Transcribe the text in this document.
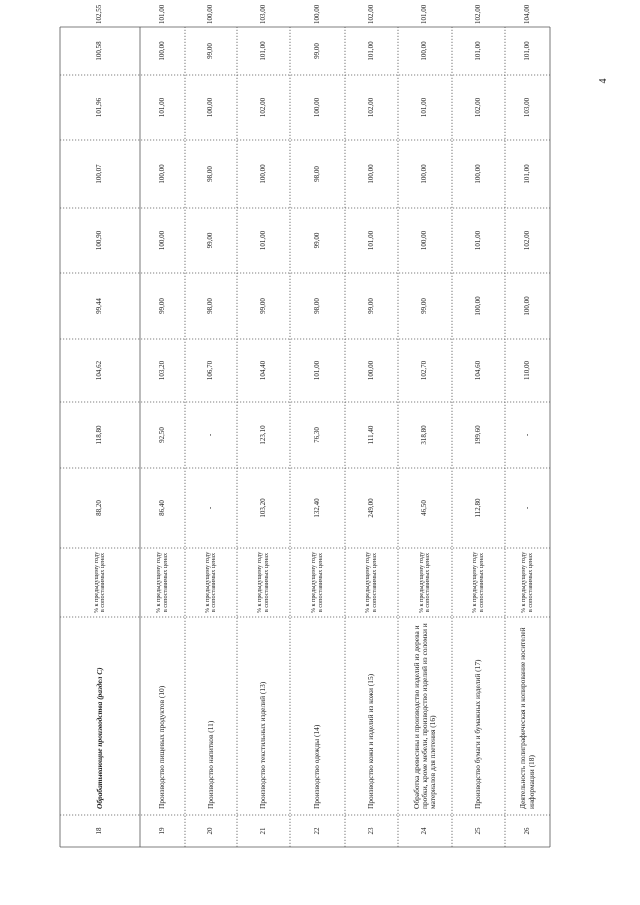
18
Обрабатывающие производства (раздел C)
% к предыдущему году в сопоставимых ценах
88,20
118,80
104,62
99,44
100,90
100,07
101,96
100,58
102,55
19
Производство пищевых продуктов (10)
% к предыдущему году в сопоставимых ценах
86,40
92,50
103,20
99,00
100,00
100,00
101,00
100,00
101,00
20
Производство напитков (11)
% к предыдущему году в сопоставимых ценах
-
-
106,70
98,00
99,00
98,00
100,00
99,00
100,00
21
Производство текстильных изделий (13)
% к предыдущему году в сопоставимых ценах
103,20
123,10
104,40
99,00
101,00
100,00
102,00
101,00
103,00
22
Производство одежды (14)
% к предыдущему году в сопоставимых ценах
132,40
76,30
101,00
98,00
99,00
98,00
100,00
99,00
100,00
23
Производство кожи и изделий из кожи (15)
% к предыдущему году в сопоставимых ценах
249,00
111,40
100,00
99,00
101,00
100,00
102,00
101,00
102,00
24
Обработка древесины и производство изделий из дерева и пробки, кроме мебели, производство изделий из соломки и материалов для плетения (16)
% к предыдущему году в сопоставимых ценах
46,50
318,80
102,70
99,00
100,00
100,00
101,00
100,00
101,00
25
Производство бумаги и бумажных изделий (17)
% к предыдущему году в сопоставимых ценах
112,80
199,60
104,60
100,00
101,00
100,00
102,00
101,00
102,00
26
Деятельность полиграфическая и копирование носителей информации (18)
% к предыдущему году в сопоставимых ценах
-
-
110,00
100,00
102,00
101,00
103,00
101,00
104,00
4
